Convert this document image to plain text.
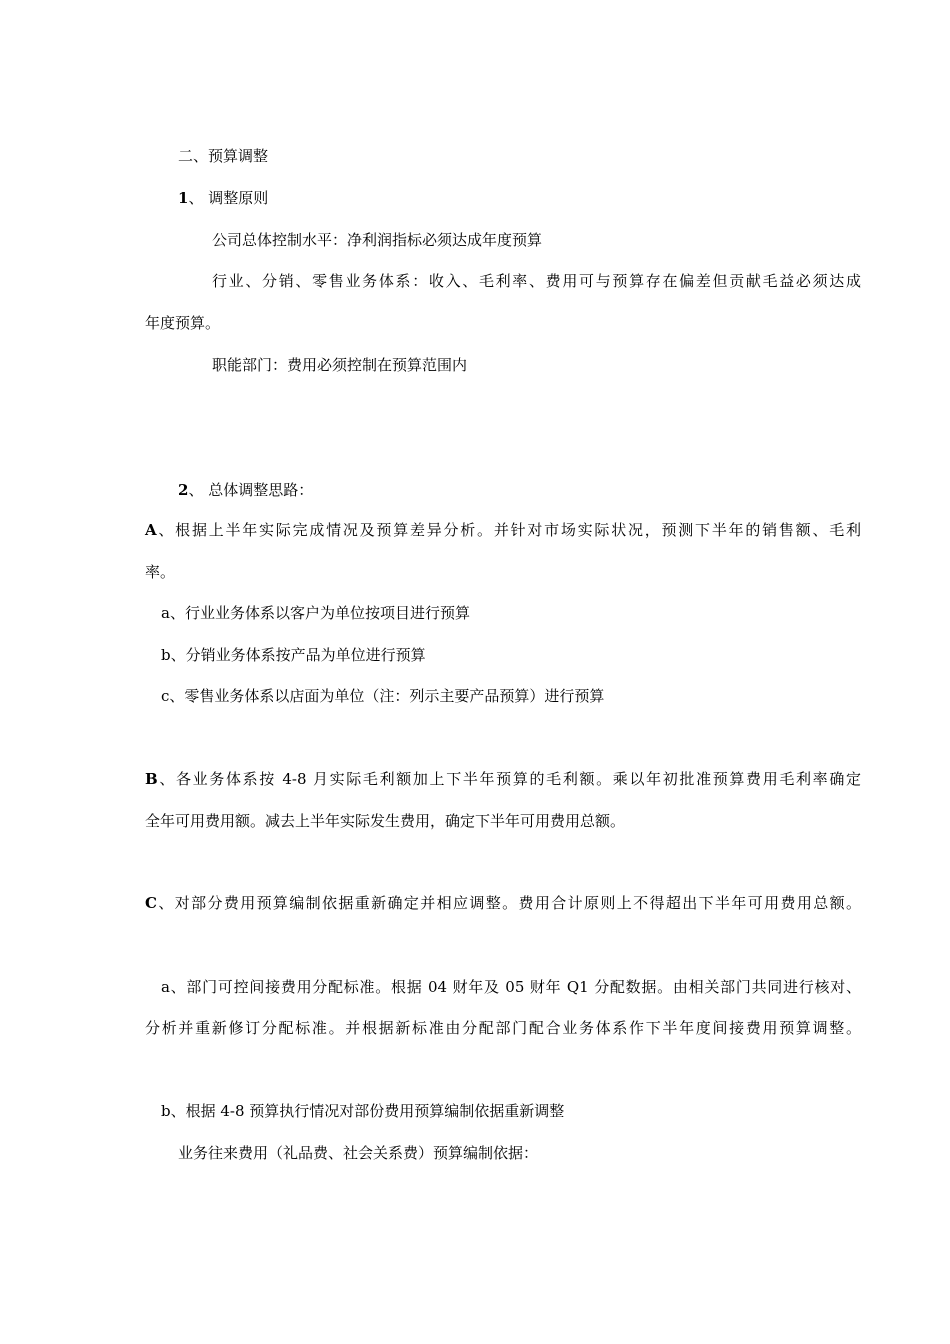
二、预算调整
1、 调整原则
公司总体控制水平：净利润指标必须达成年度预算
行业、分销、零售业务体系：收入、毛利率、费用可与预算存在偏差但贡献毛益必须达成
年度预算。
职能部门：费用必须控制在预算范围内
2、 总体调整思路：
A、根据上半年实际完成情况及预算差异分析。并针对市场实际状况，预测下半年的销售额、毛利
率。
a、行业业务体系以客户为单位按项目进行预算
b、分销业务体系按产品为单位进行预算
c、零售业务体系以店面为单位（注：列示主要产品预算）进行预算
B、各业务体系按 4-8 月实际毛利额加上下半年预算的毛利额。乘以年初批准预算费用毛利率确定
全年可用费用额。减去上半年实际发生费用，确定下半年可用费用总额。
C、对部分费用预算编制依据重新确定并相应调整。费用合计原则上不得超出下半年可用费用总额。
a、部门可控间接费用分配标准。根据 04 财年及 05 财年 Q1 分配数据。由相关部门共同进行核对、
分析并重新修订分配标准。并根据新标准由分配部门配合业务体系作下半年度间接费用预算调整。
b、根据 4-8 预算执行情况对部份费用预算编制依据重新调整
业务往来费用（礼品费、社会关系费）预算编制依据：
